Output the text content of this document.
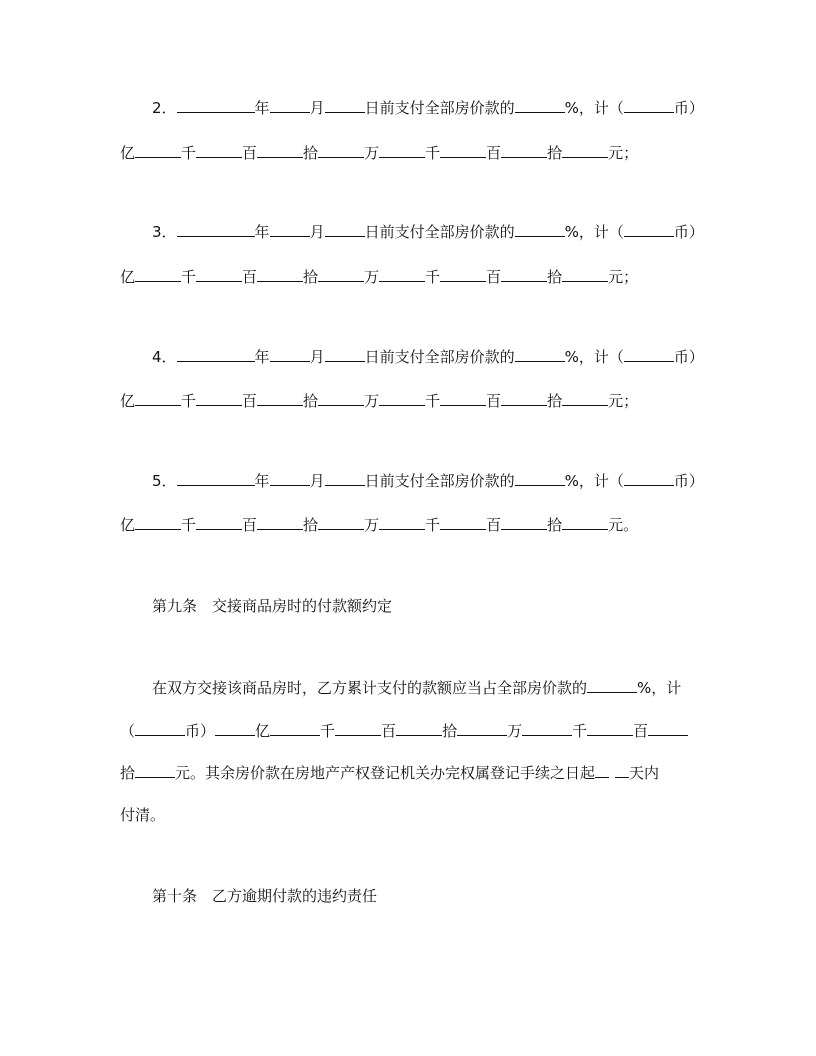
2．	年	月	日前支付全部房价款的	%，计（	币）
亿	千	百	拾	万	千	百	拾	元；
3．	年	月	日前支付全部房价款的	%，计（	币）
亿	千	百	拾	万	千	百	拾	元；
4．	年	月	日前支付全部房价款的	%，计（	币）
亿	千	百	拾	万	千	百	拾	元；
5．	年	月	日前支付全部房价款的	%，计（	币）
亿	千	百	拾	万	千	百	拾	元。
第九条　交接商品房时的付款额约定
在双方交接该商品房时，乙方累计支付的款额应当占全部房价款的	%，计
（	币）	亿	千	百	拾	万	千	百
拾	元。其余房价款在房地产产权登记机关办完权属登记手续之日起 天内
付清。
第十条　乙方逾期付款的违约责任
